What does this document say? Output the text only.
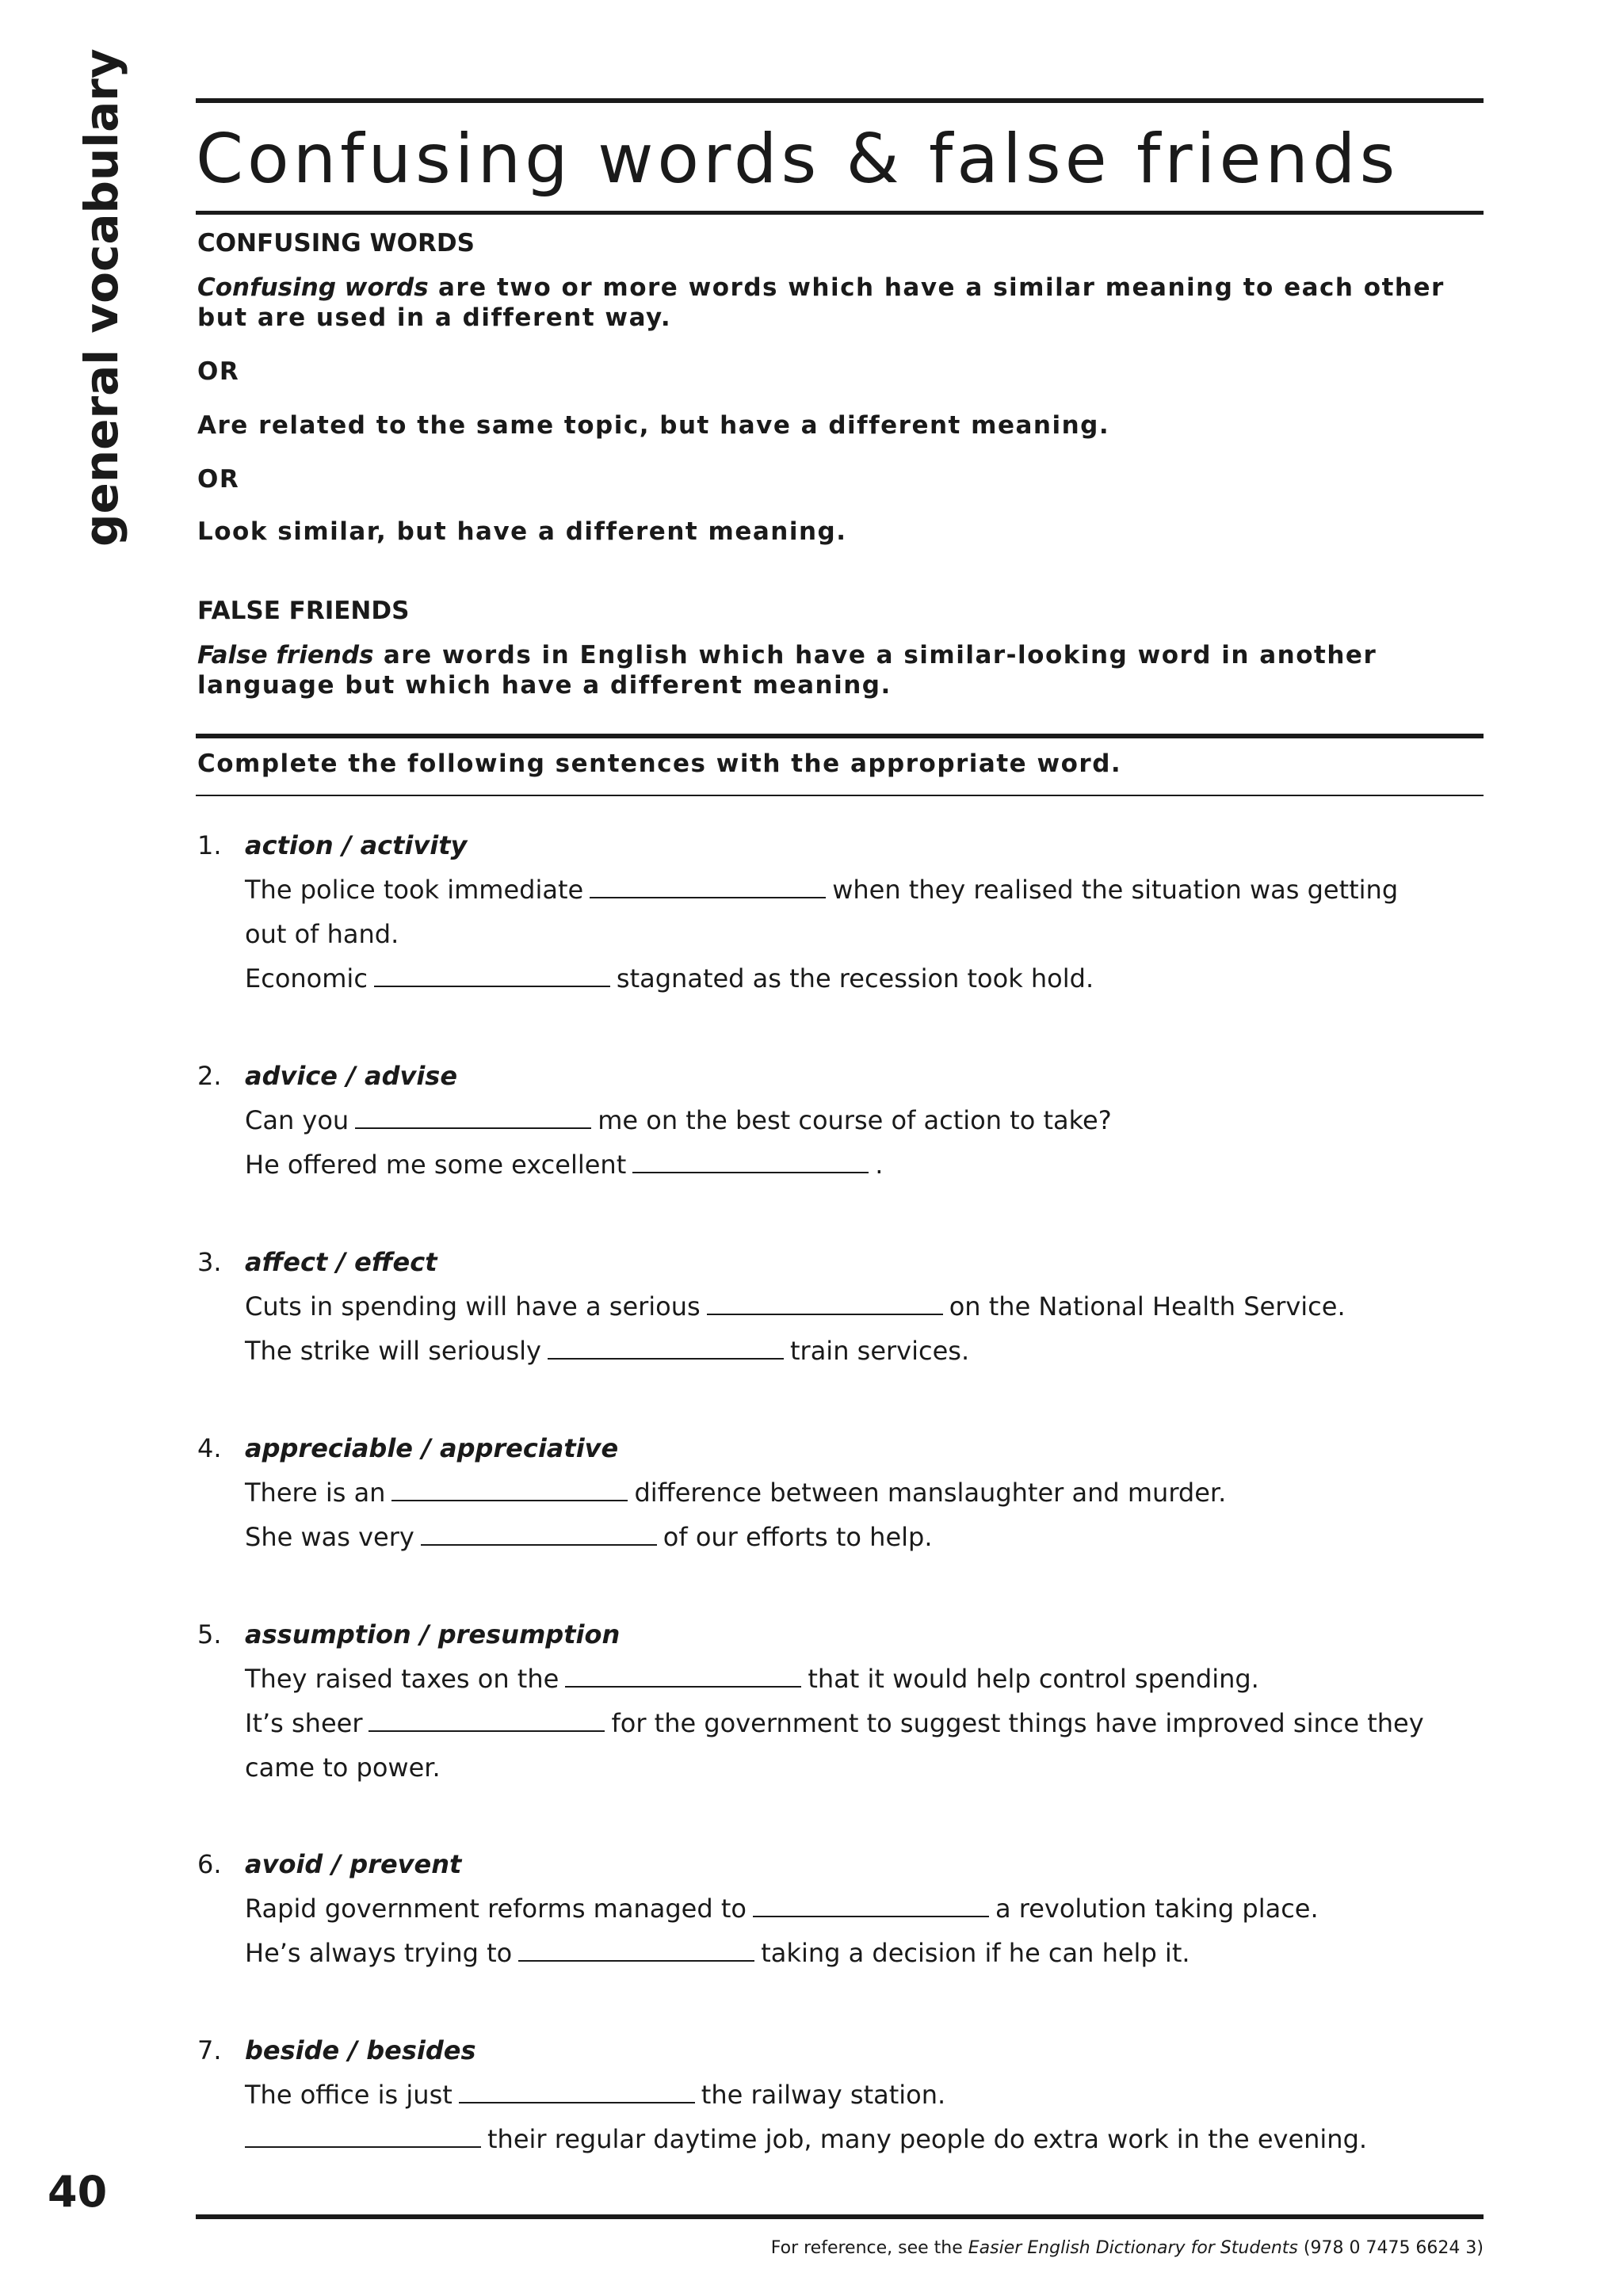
general vocabulary
40
Confusing words & false friends
CONFUSING WORDS
Confusing words are two or more words which have a similar meaning to each other but are used in a different way.
OR
Are related to the same topic, but have a different meaning.
OR
Look similar, but have a different meaning.
FALSE FRIENDS
False friends are words in English which have a similar-looking word in another language but which have a different meaning.
Complete the following sentences with the appropriate word.
1. action / activity
The police took immediate	when they realised the situation was getting out of hand.
Economic	stagnated as the recession took hold.
2. advice / advise
Can you	me on the best course of action to take?
He offered me some excellent	.
3. affect / effect
Cuts in spending will have a serious	on the National Health Service.
The strike will seriously	train services.
4. appreciable / appreciative
There is an	difference between manslaughter and murder.
She was very	of our efforts to help.
5. assumption / presumption
They raised taxes on the	that it would help control spending.
It’s sheer	for the government to suggest things have improved since they came to power.
6. avoid / prevent
Rapid government reforms managed to	a revolution taking place.
He’s always trying to	taking a decision if he can help it.
7. beside / besides
The office is just	the railway station.
their regular daytime job, many people do extra work in the evening.
For reference, see the Easier English Dictionary for Students (978 0 7475 6624 3)
